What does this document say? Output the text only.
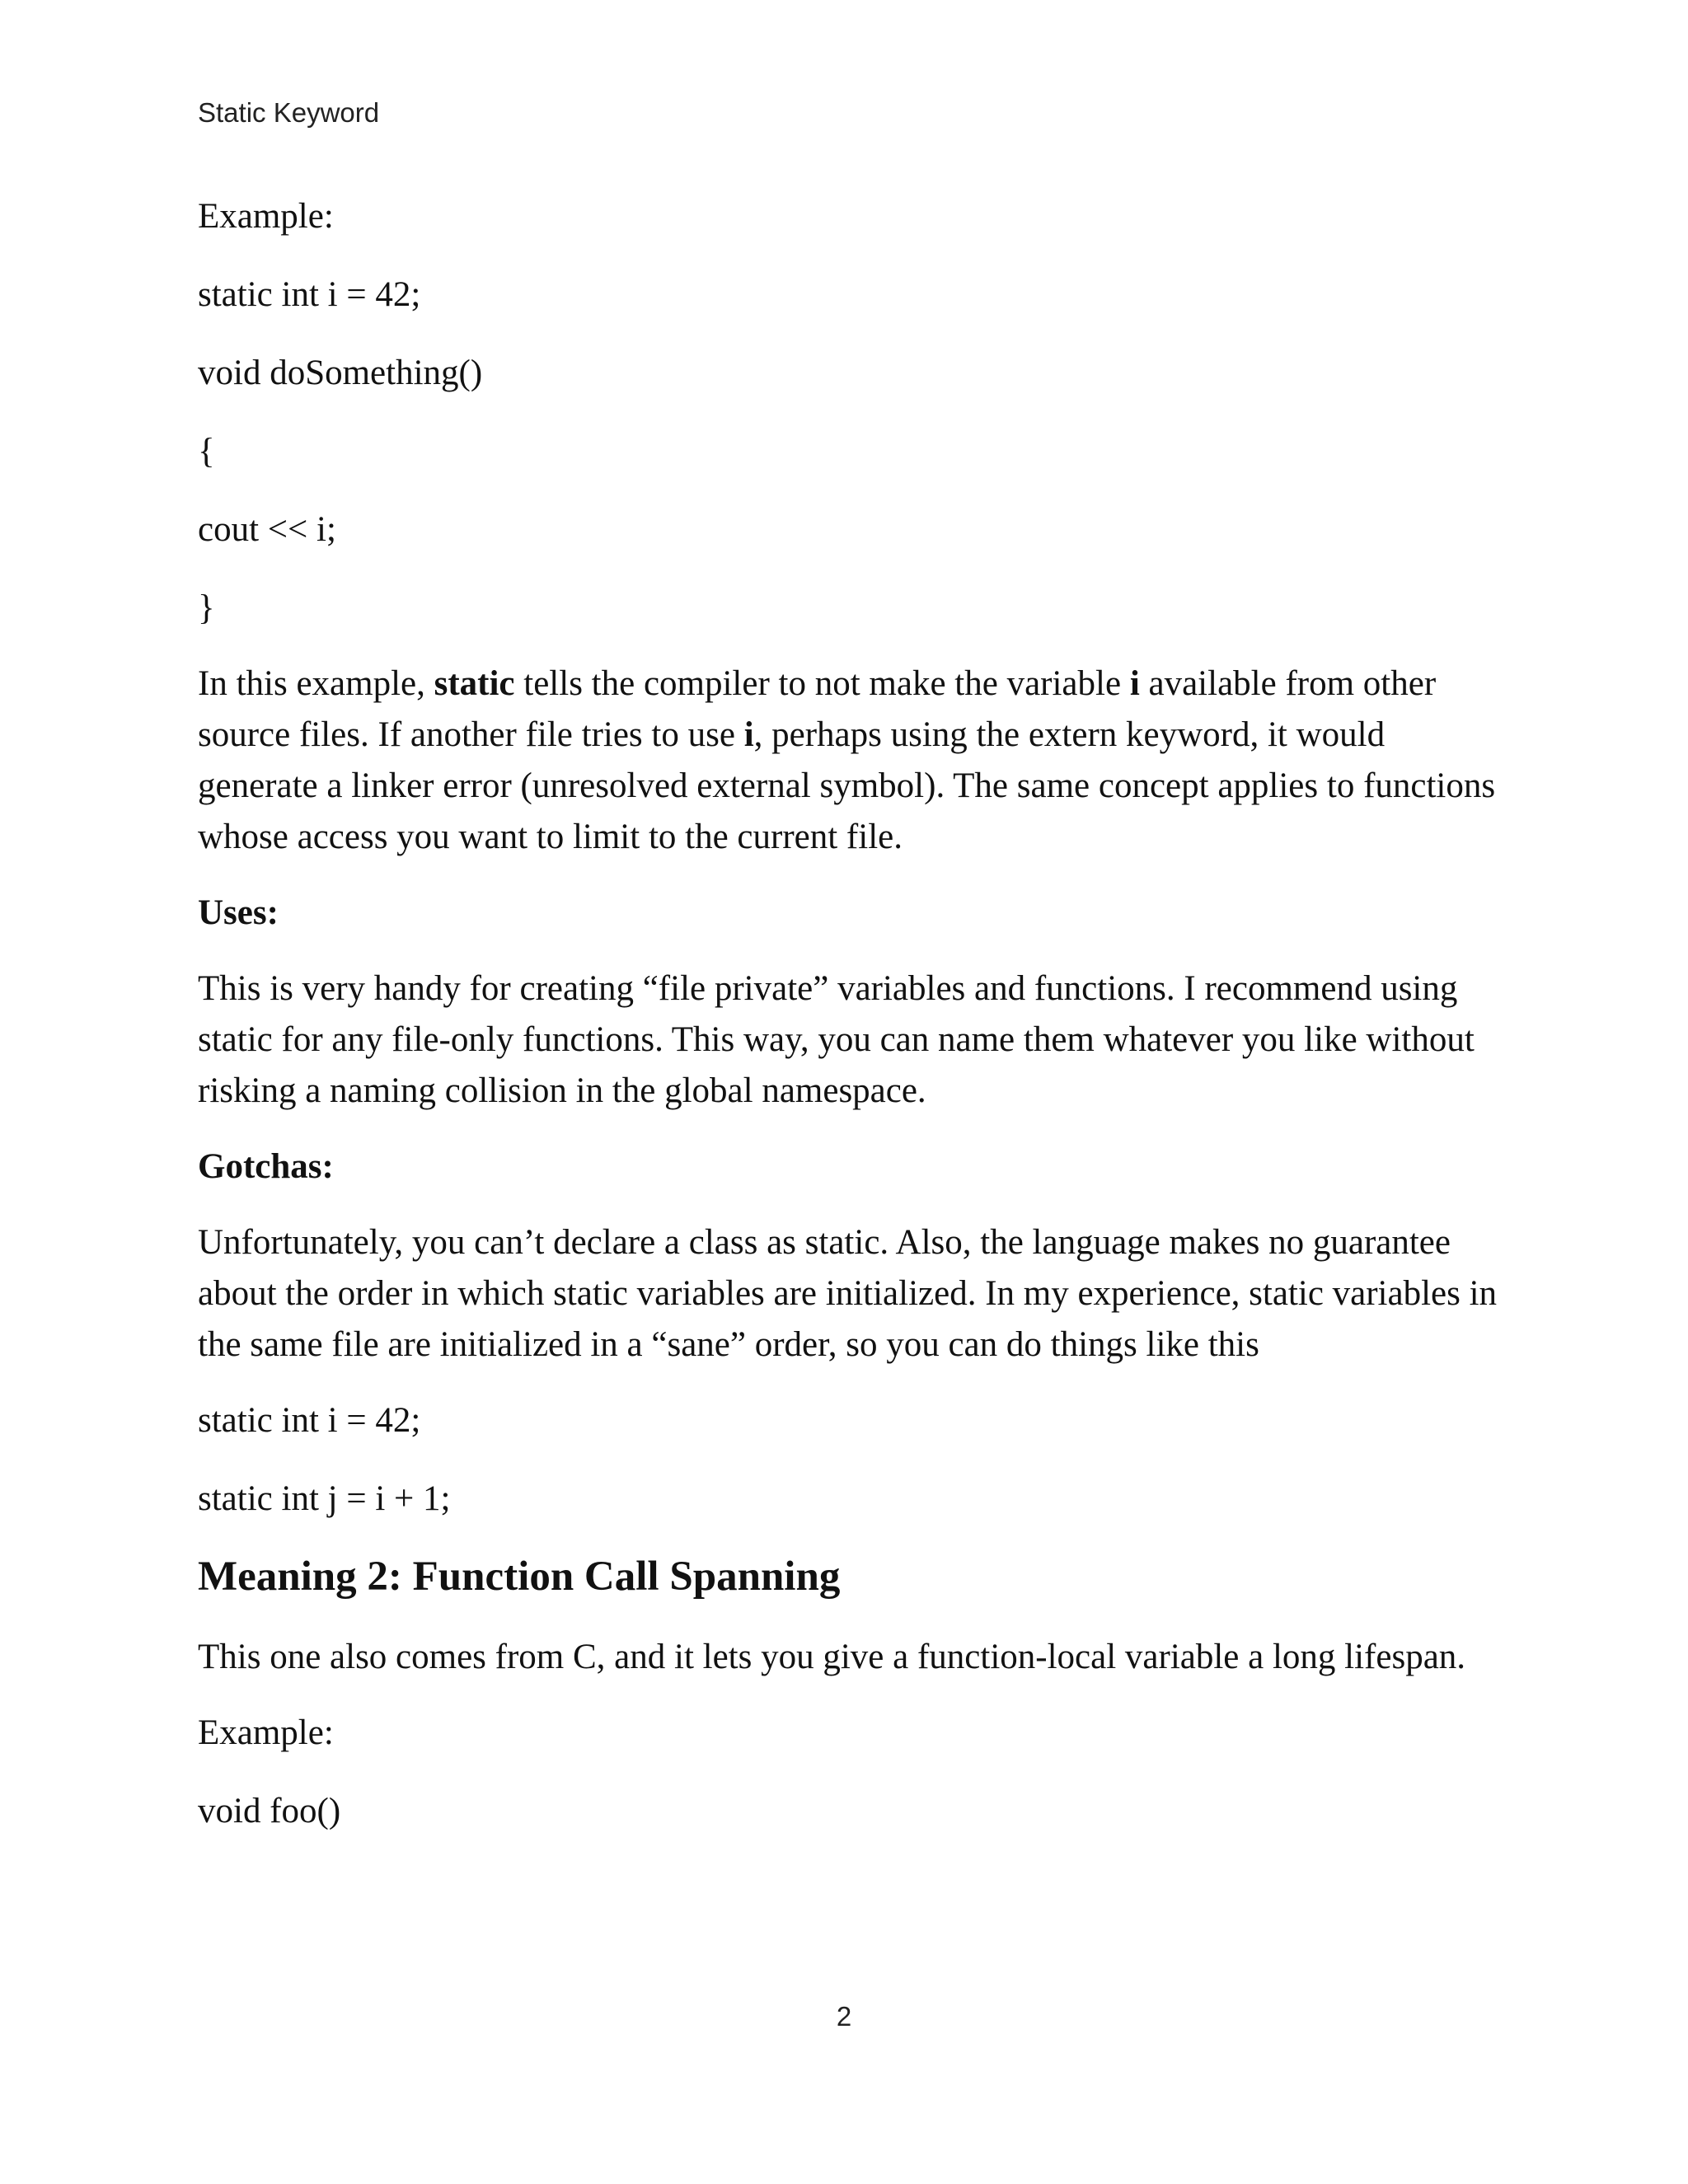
Static Keyword

Example:

static int i = 42;

void doSomething()

{

cout << i;

}

In this example, static tells the compiler to not make the variable i available from other source files. If another file tries to use i, perhaps using the extern keyword, it would generate a linker error (unresolved external symbol). The same concept applies to functions whose access you want to limit to the current file.

Uses:

This is very handy for creating “file private” variables and functions. I recommend using static for any file-only functions. This way, you can name them whatever you like without risking a naming collision in the global namespace.

Gotchas:

Unfortunately, you can’t declare a class as static. Also, the language makes no guarantee about the order in which static variables are initialized. In my experience, static variables in the same file are initialized in a “sane” order, so you can do things like this

static int i = 42;

static int j = i + 1;

Meaning 2: Function Call Spanning

This one also comes from C, and it lets you give a function-local variable a long lifespan.

Example:

void foo()

2
